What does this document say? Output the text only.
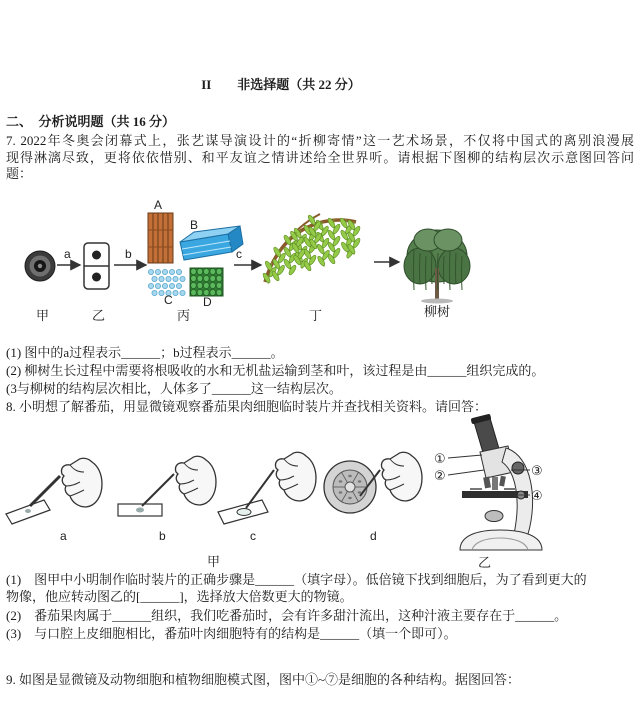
II　　非选择题（共 22 分）
二、　分析说明题（共 16 分）
7. 2022年冬奥会闭幕式上，张艺谋导演设计的“折柳寄情”这一艺术场景，不仅将中国式的离别浪漫展
现得淋漓尽致，更将依依惜别、和平友谊之情讲述给全世界听。请根据下图柳的结构层次示意图回答问
题：
(1) 图中的a过程表示______；b过程表示______。
(2) 柳树生长过程中需要将根吸收的水和无机盐运输到茎和叶，该过程是由______组织完成的。
(3与柳树的结构层次相比，人体多了______这一结构层次。
8. 小明想了解番茄，用显微镜观察番茄果肉细胞临时装片并查找相关资料。请回答：
(1)　图甲中小明制作临时装片的正确步骤是______（填字母）。低倍镜下找到细胞后，为了看到更大的
物像，他应转动图乙的[______]，选择放大倍数更大的物镜。
(2)　番茄果肉属于______组织，我们吃番茄时，会有许多甜汁流出，这种汁液主要存在于______。
(3)　与口腔上皮细胞相比，番茄叶肉细胞特有的结构是______（填一个即可）。
9. 如图是显微镜及动物细胞和植物细胞模式图，图中①~⑦是细胞的各种结构。据图回答：
a	b
A
B
C	D
c
甲	乙	丙	丁	柳树
a	b	c	d
甲
①
②	③
④
乙
